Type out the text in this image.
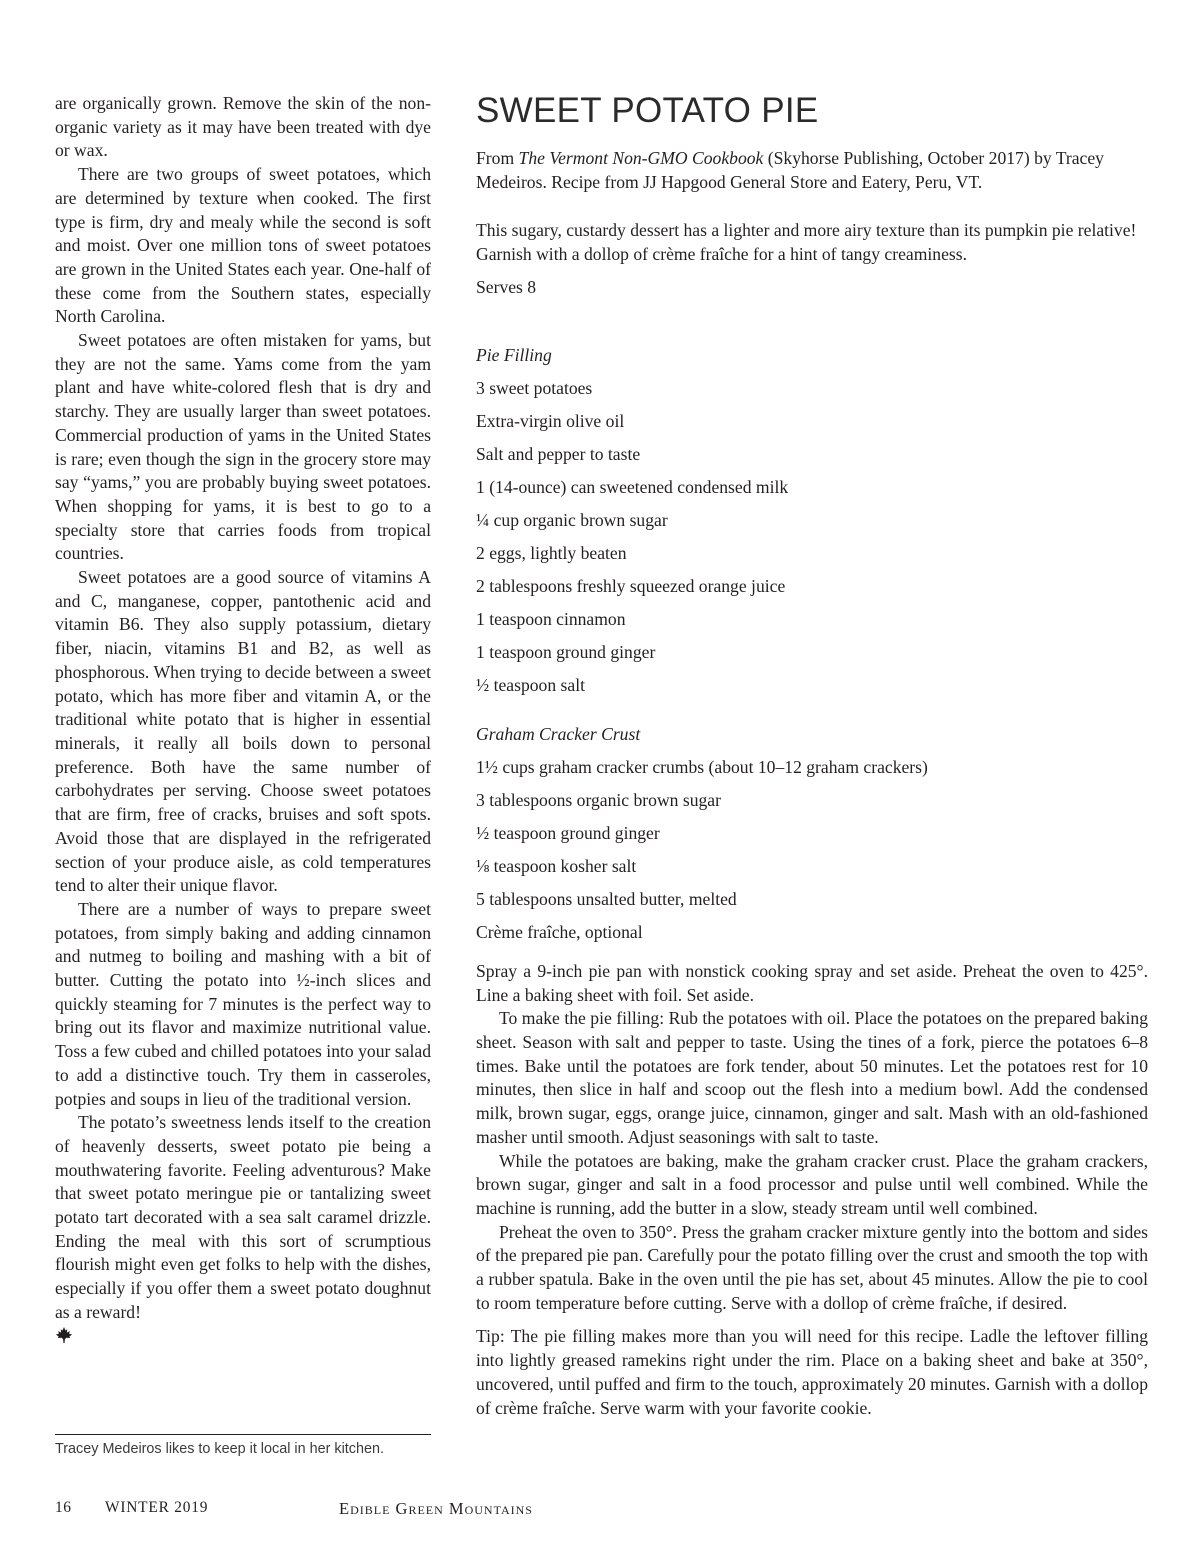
are organically grown. Remove the skin of the non-organic variety as it may have been treated with dye or wax.

There are two groups of sweet potatoes, which are determined by texture when cooked. The first type is firm, dry and mealy while the second is soft and moist. Over one million tons of sweet potatoes are grown in the United States each year. One-half of these come from the Southern states, especially North Carolina.

Sweet potatoes are often mistaken for yams, but they are not the same. Yams come from the yam plant and have white-colored flesh that is dry and starchy. They are usually larger than sweet potatoes. Commercial production of yams in the United States is rare; even though the sign in the grocery store may say “yams,” you are probably buying sweet potatoes. When shopping for yams, it is best to go to a specialty store that carries foods from tropical countries.

Sweet potatoes are a good source of vitamins A and C, manganese, copper, pantothenic acid and vitamin B6. They also supply potassium, dietary fiber, niacin, vitamins B1 and B2, as well as phosphorous. When trying to decide between a sweet potato, which has more fiber and vitamin A, or the traditional white potato that is higher in essential minerals, it really all boils down to personal preference. Both have the same number of carbohydrates per serving. Choose sweet potatoes that are firm, free of cracks, bruises and soft spots. Avoid those that are displayed in the refrigerated section of your produce aisle, as cold temperatures tend to alter their unique flavor.

There are a number of ways to prepare sweet potatoes, from simply baking and adding cinnamon and nutmeg to boiling and mashing with a bit of butter. Cutting the potato into ½-inch slices and quickly steaming for 7 minutes is the perfect way to bring out its flavor and maximize nutritional value. Toss a few cubed and chilled potatoes into your salad to add a distinctive touch. Try them in casseroles, potpies and soups in lieu of the traditional version.

The potato’s sweetness lends itself to the creation of heavenly desserts, sweet potato pie being a mouthwatering favorite. Feeling adventurous? Make that sweet potato meringue pie or tantalizing sweet potato tart decorated with a sea salt caramel drizzle. Ending the meal with this sort of scrumptious flourish might even get folks to help with the dishes, especially if you offer them a sweet potato doughnut as a reward!

Tracey Medeiros likes to keep it local in her kitchen.
16 WINTER 2019	Edible Green Mountains
SWEET POTATO PIE

From The Vermont Non-GMO Cookbook (Skyhorse Publishing, October 2017) by Tracey Medeiros. Recipe from JJ Hapgood General Store and Eatery, Peru, VT.

This sugary, custardy dessert has a lighter and more airy texture than its pumpkin pie relative! Garnish with a dollop of crème fraîche for a hint of tangy creaminess.

Serves 8

Pie Filling

3 sweet potatoes
Extra-virgin olive oil
Salt and pepper to taste
1 (14-ounce) can sweetened condensed milk
¼ cup organic brown sugar
2 eggs, lightly beaten
2 tablespoons freshly squeezed orange juice
1 teaspoon cinnamon
1 teaspoon ground ginger
½ teaspoon salt

Graham Cracker Crust

1½ cups graham cracker crumbs (about 10–12 graham crackers)
3 tablespoons organic brown sugar
½ teaspoon ground ginger
⅛ teaspoon kosher salt
5 tablespoons unsalted butter, melted
Crème fraîche, optional

Spray a 9-inch pie pan with nonstick cooking spray and set aside. Preheat the oven to 425°. Line a baking sheet with foil. Set aside.

To make the pie filling: Rub the potatoes with oil. Place the potatoes on the prepared baking sheet. Season with salt and pepper to taste. Using the tines of a fork, pierce the potatoes 6–8 times. Bake until the potatoes are fork tender, about 50 minutes. Let the potatoes rest for 10 minutes, then slice in half and scoop out the flesh into a medium bowl. Add the condensed milk, brown sugar, eggs, orange juice, cinnamon, ginger and salt. Mash with an old-fashioned masher until smooth. Adjust seasonings with salt to taste.

While the potatoes are baking, make the graham cracker crust. Place the graham crackers, brown sugar, ginger and salt in a food processor and pulse until well combined. While the machine is running, add the butter in a slow, steady stream until well combined.

Preheat the oven to 350°. Press the graham cracker mixture gently into the bottom and sides of the prepared pie pan. Carefully pour the potato filling over the crust and smooth the top with a rubber spatula. Bake in the oven until the pie has set, about 45 minutes. Allow the pie to cool to room temperature before cutting. Serve with a dollop of crème fraîche, if desired.

Tip: The pie filling makes more than you will need for this recipe. Ladle the leftover filling into lightly greased ramekins right under the rim. Place on a baking sheet and bake at 350°, uncovered, until puffed and firm to the touch, approximately 20 minutes. Garnish with a dollop of crème fraîche. Serve warm with your favorite cookie.
